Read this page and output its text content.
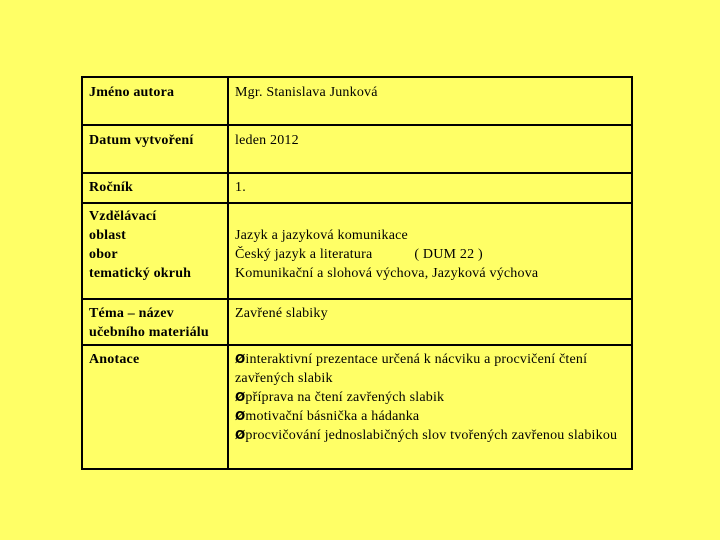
Jméno autora	Mgr. Stanislava Junková
Datum vytvoření	leden 2012
Ročník	1.

Vzdělávací
oblast
obor
tematický okruh	Jazyk a jazyková komunikace
Český jazyk a literatura ( DUM 22 )
Komunikační a slohová výchova, Jazyková výchova

Téma – název
učebního materiálu	Zavřené slabiky
Anotace	Øinteraktivní prezentace určená k nácviku a procvičení čtení zavřených slabik
Øpříprava na čtení zavřených slabik
Ømotivační básnička a hádanka
Øprocvičování jednoslabičných slov tvořených zavřenou slabikou
